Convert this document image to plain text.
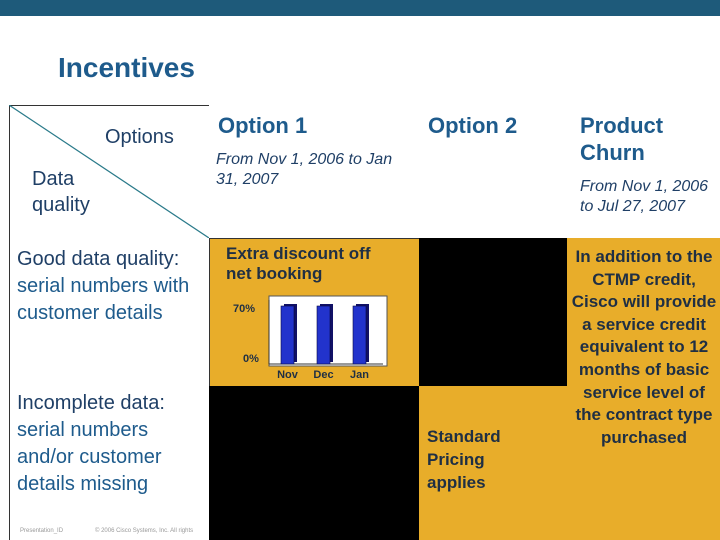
Incentives
Options
Data quality
Option 1
From Nov 1, 2006 to Jan 31, 2007
Option 2	Product Churn
From Nov 1, 2006 to Jul 27, 2007
Good data quality: serial numbers with customer details
Incomplete data: serial numbers and/or customer details missing
Extra discount off net booking
Standard Pricing applies
In addition to the CTMP credit, Cisco will provide a service credit equivalent to 12 months of basic service level of the contract type purchased
70%
0%
Nov Dec Jan
Presentation_ID	© 2006 Cisco Systems, Inc. All rights
